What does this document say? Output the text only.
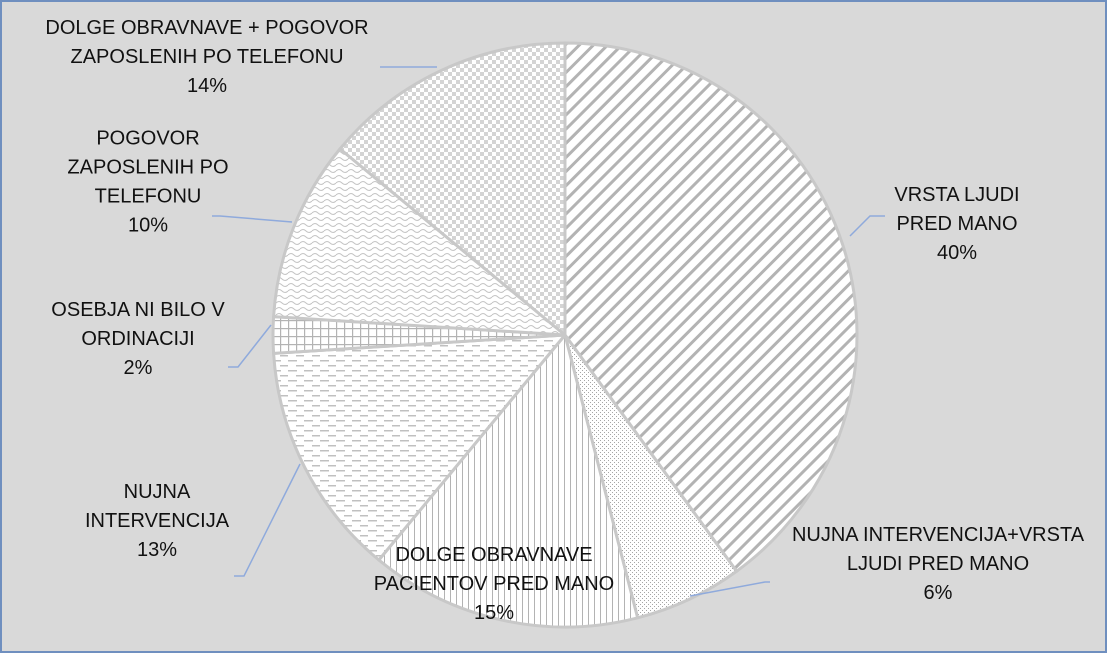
VRSTA LJUDI PRED MANO 40%
NUJNA INTERVENCIJA+VRSTA LJUDI PRED MANO 6%
DOLGE OBRAVNAVE PACIENTOV PRED MANO 15%
NUJNA INTERVENCIJA 13%
OSEBJA NI BILO V ORDINACIJI 2%
POGOVOR ZAPOSLENIH PO TELEFONU 10%
DOLGE OBRAVNAVE + POGOVOR ZAPOSLENIH PO TELEFONU 14%
